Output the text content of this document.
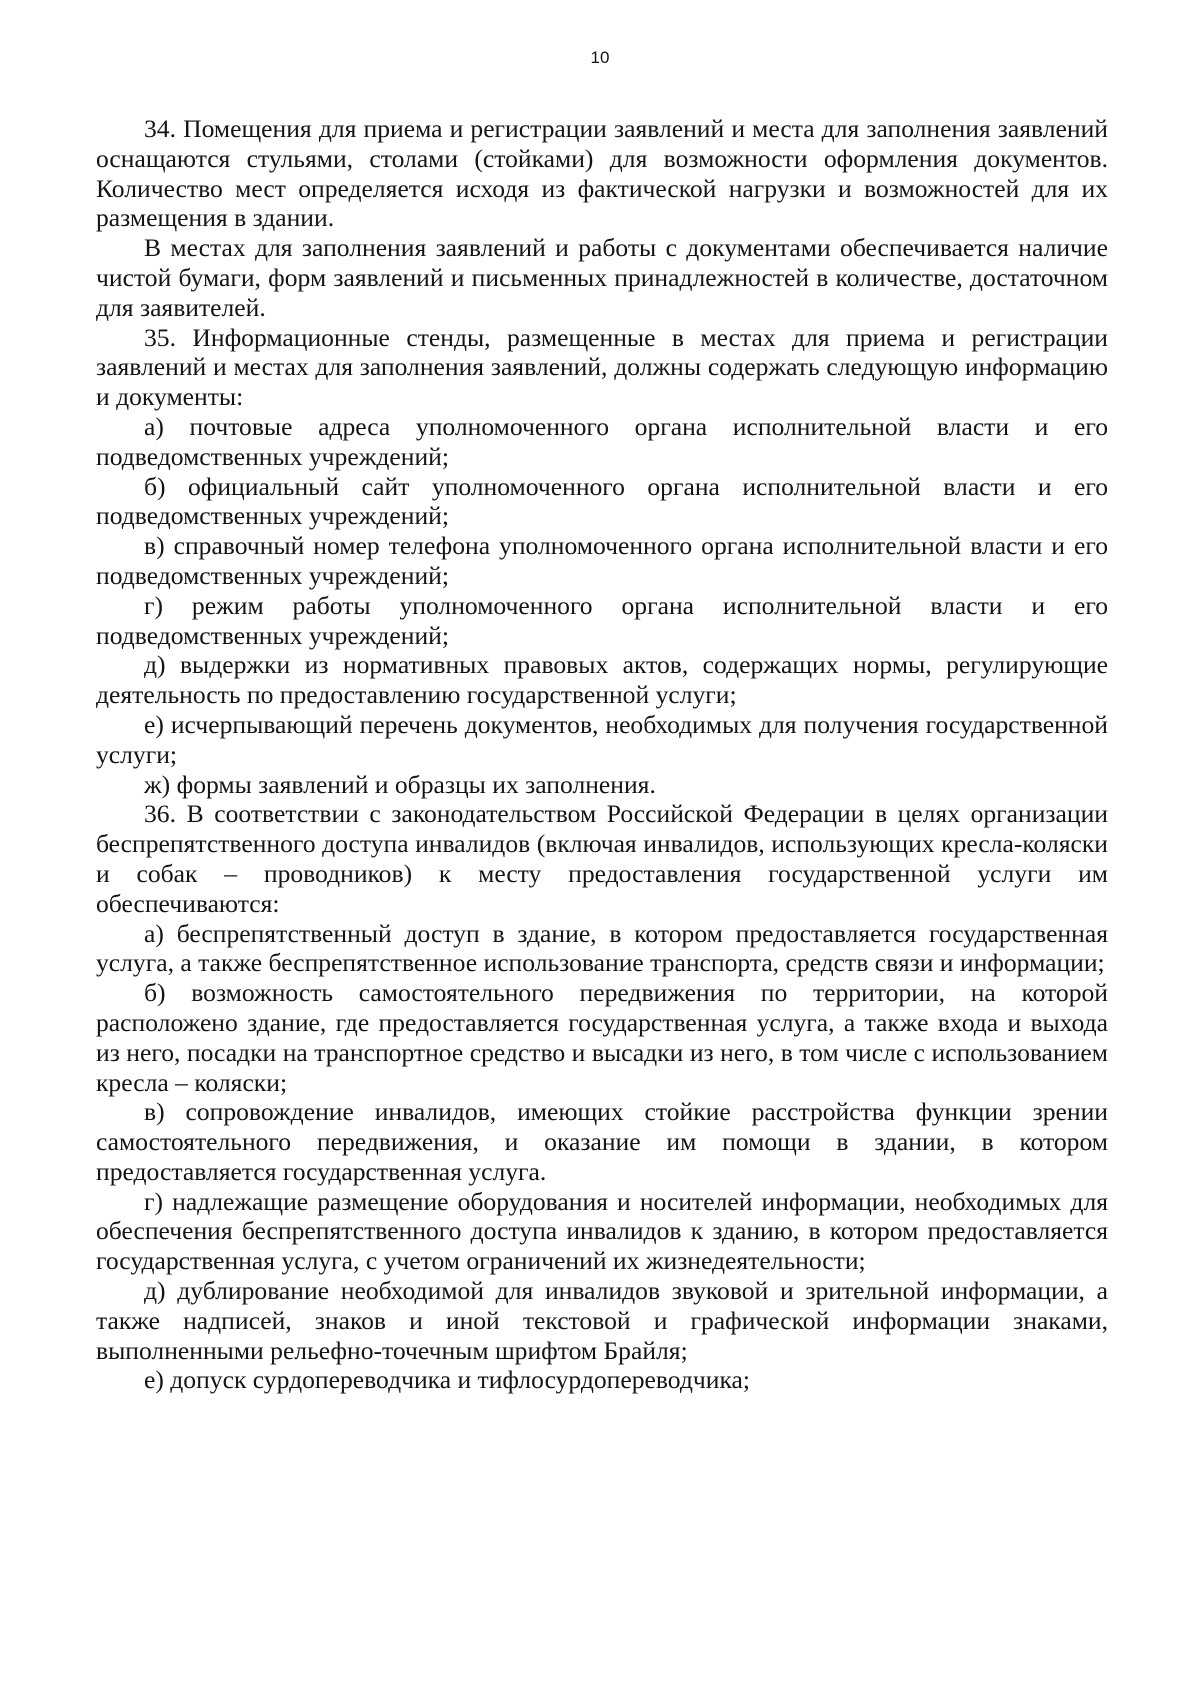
10

34. Помещения для приема и регистрации заявлений и места для заполнения заявлений оснащаются стульями, столами (стойками) для возможности оформления документов. Количество мест определяется исходя из фактической нагрузки и возможностей для их размещения в здании.

В местах для заполнения заявлений и работы с документами обеспечивается наличие чистой бумаги, форм заявлений и письменных принадлежностей в количестве, достаточном для заявителей.

35. Информационные стенды, размещенные в местах для приема и регистрации заявлений и местах для заполнения заявлений, должны содержать следующую информацию и документы:

а) почтовые адреса уполномоченного органа исполнительной власти и его подведомственных учреждений;

б) официальный сайт уполномоченного органа исполнительной власти и его подведомственных учреждений;

в) справочный номер телефона уполномоченного органа исполнительной власти и его подведомственных учреждений;

г) режим работы уполномоченного органа исполнительной власти и его подведомственных учреждений;

д) выдержки из нормативных правовых актов, содержащих нормы, регулирующие деятельность по предоставлению государственной услуги;

е) исчерпывающий перечень документов, необходимых для получения государственной услуги;

ж) формы заявлений и образцы их заполнения.

36. В соответствии с законодательством Российской Федерации в целях организации беспрепятственного доступа инвалидов (включая инвалидов, использующих кресла-коляски и собак – проводников) к месту предоставления государственной услуги им обеспечиваются:

а) беспрепятственный доступ в здание, в котором предоставляется государственная услуга, а также беспрепятственное использование транспорта, средств связи и информации;

б) возможность самостоятельного передвижения по территории, на которой расположено здание, где предоставляется государственная услуга, а также входа и выхода из него, посадки на транспортное средство и высадки из него, в том числе с использованием кресла – коляски;

в) сопровождение инвалидов, имеющих стойкие расстройства функции зрении самостоятельного передвижения, и оказание им помощи в здании, в котором предоставляется государственная услуга.

г) надлежащие размещение оборудования и носителей информации, необходимых для обеспечения беспрепятственного доступа инвалидов к зданию, в котором предоставляется государственная услуга, с учетом ограничений их жизнедеятельности;

д) дублирование необходимой для инвалидов звуковой и зрительной информации, а также надписей, знаков и иной текстовой и графической информации знаками, выполненными рельефно-точечным шрифтом Брайля;

е) допуск сурдопереводчика и тифлосурдопереводчика;
